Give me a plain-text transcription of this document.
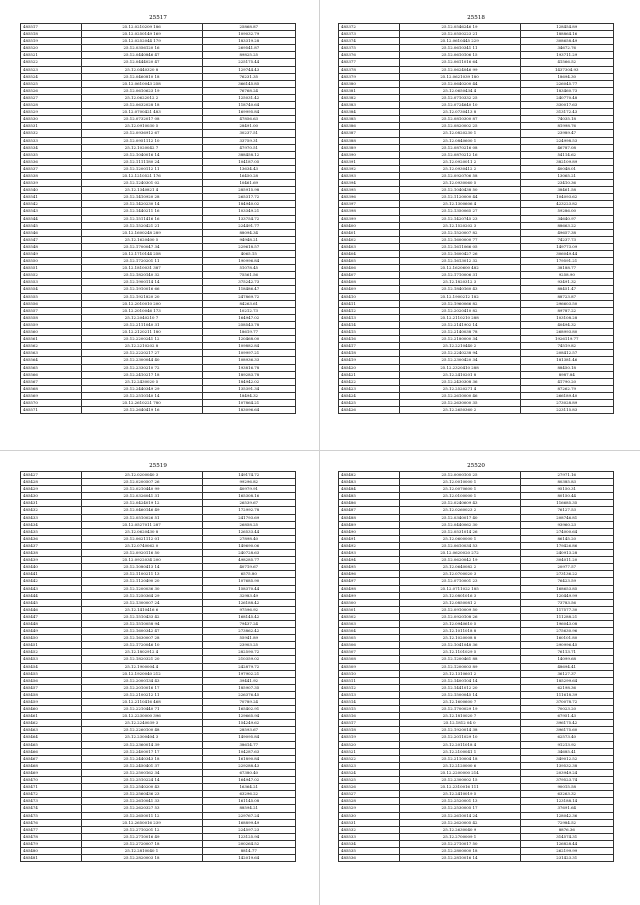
25517
485517	25.12.0210209 186	25868.87
485518	25.12.0250149 169	109032.79
485519	25.12.0252044 179	183319.28
485520	25.12.0356120 16	269541.87
485521	25.12.0440846 47	89825.25
485522	25.12.0444020 47	225175.44
485523	25.12.0440320 8	129744.43
485524	25.12.0460810 18	76231.35
485525	25.12.0610043 258	366145.85
485526	25.12.0610623 19	76768.24
485527	25.12.0622012 2	125031.42
485528	25.12.0632028 18	118740.64
485529	25.12.0700421 483	169995.84
485530	25.12.0732017 08	47856.63
485531	25.12.0910030 5	28491.00
485532	25.12.0936912 67	30237.51
485533	25.12.0951112 10	33759.31
485534	25.12.1020042 7	47970.51
485535	25.12.1040016 14	388458.12
485536	25.12.1111180 24	104187.05
485537	25.12.1200112 11	13634.43
485538	25.12.1210521 176	16450.28
485539	25.12.1240301 02	10461.69
485540	25.12.1340821 4	285915.98
485541	25.12.1410920 28	265317.72
485542	25.12.1420230 14	184940.02
485543	25.12.1440211 16	103349.21
485544	25.12.1511416 16	133754.72
485545	25.12.1520421 21	224491.77
485546	25.12.1600248 289	88094.34
485547	25.12.1620400 5	94948.21
485548	25.12.1700047 34	229618.57
485549	25.12.1710144 258	4065.15
485550	25.12.1720201 11	190996.84
485551	25.12.1810031 387	51078.45
485552	25.12.1820140 32	75561.56
485553	25.12.1900114 14	375242.73
485554	25.12.1910016 66	118486.47
485555	25.12.1921820 20	247869.72
485556	25.12.2010010 200	84263.61
485557	25.12.2010046 173	10212.73
485558	25.12.2040210 7	164947.02
485559	25.12.2111040 31	258543.78
485560	25.12.2120211 180	18619.77
485561	25.12.2200241 12	120468.00
485562	25.12.2210202 8	109882.84
485563	25.12.2220217 27	109997.21
485564	25.12.2300044 40	108936.33
485565	25.12.2330210 72	193816.78
485566	25.12.2410217 18	189283.78
485567	25.12.2430020 5	184942.02
485568	25.12.2440349 29	135391.34
485569	25.12.2510140 14	18494.32
485570	25.12.2610221 780	107864.21
485571	25.12.2640419 16	183096.64
25518
485372	25.12.0546246 19	128454.89
485373	25.12.0550223 21	188864.16
485374	25.12.0610445 229	308658.49
485375	25.12.0610341 11	34672.76
485376	25.12.0610106 15	193711.29
485377	25.12.0611016 64	41566.52
485378	25.12.0624046 99	1437304.93
485379	25.12.0621039 180	18694.30
485380	25.12.0640200 44	226045.77
485381	25.12.0650434 4	183460.73
485382	25.12.0710332 25	240770.48
485383	25.12.0724640 10	330017.63
485384	25.12.0730413 8	313172.43
485385	25.12.0810300 87	74035.18
485386	25.12.0820002 25	81998.76
485387	25.12.0820230 1	23989.47
485388	25.12.0840600 1	224998.53
485389	25.12.0870216 08	46787.08
485390	25.12.0870212 16	54114.62
485391	25.12.0920011 2	382109.89
485392	25.12.0930412 2	40048.01
485393	25.12.0920706 58	13065.21
485394	25.12.0930060 5	23410.36
485395	25.12.1040438 50	38461.58
485396	25.12.1120000 44	104093.62
485397	25.12.1300606 4	423223.82
485398	25.12.1350065 27	59286.00
485399	25.12.1420745 23	34640.97
485400	25.12.1520202 3	88663.22
485401	25.12.1520007 82	49657.38
485402	25.12.1600000 77	74237.73
485403	25.12.1611066 05	149773.09
485404	25.12.1600427 26	306049.44
485405	25.12.1613012 32	179591.21
485406	25.12.1620600 482	38188.77
485407	25.12.1710006 31	9258.90
485408	25.12.1820312 3	93491.32
485409	25.12.1840160 43	88451.47
485410	25.12.1900212 182	88723.87
485411	25.12.1960066 82	296603.50
485412	25.12.2020410 82	89787.22
485413	25.12.2110210 288	103108.28
485414	25.12.2141902 14	40494.32
485415	25.12.2140038 78	268993.80
485416	25.12.2180000 34	1926119.77
485417	25.12.2210440 2	74519.82
485418	25.12.2240238 94	208412.57
485419	25.12.2300420 34	181381.46
485420	25.12.2320410 288	88450.18
485421	25.12.2410201 8	8987.84
485422	25.12.2430308 36	41790.20
485423	25.12.2520271 4	87262.79
485424	25.12.2610000 46	266189.40
485425	25.12.2630000 35	273028.89
485426	25.12.2650360 2	223115.83
25519
485427	25.12.0200040 3	149174.72
485428	25.12.0200507 26	99296.82
485429	25.12.0210440 99	40979.91
485430	25.12.0326041 31	165308.16
485431	25.12.0424019 12	26539.67
485432	25.12.0460146 49	172992.78
485433	25.12.0510026 51	241793.69
485434	25.12.0527011 287	26858.25
485435	25.12.0620430 8	126533.44
485436	25.12.0621112 01	27898.40
485437	25.12.0740062 0	149690.06
485438	25.12.0920116 50	240728.63
485439	25.12.0922034 200	498285.77
485440	25.12.1080413 14	40719.67
485441	25.12.1100211 13	6575.80
485442	25.12.1120490 20	107685.90
485443	25.12.1200036 30	158370.44
485444	25.12.1250364 29	32983.49
485445	25.12.1300007 24	126188.42
485446	25.12.1410416 6	97596.92
485447	25.12.1510433 42	168145.42
485448	25.12.1510058 94	79437.24
485449	25.12.1600342 47	273862.42
485450	25.12.1630007 28	55941.89
485451	25.12.1720046 10	23903.25
485452	25.12.1802912 4	282590.72
485453	25.12.1820321 20	210359.02
485454	25.12.1900004 4	242879.72
485455	25.12.1920040 212	197902.21
485456	25.12.2000134 43	39441.92
485457	25.12.2010016 17	185907.35
485458	25.12.2100212 11	226376.45
485459	25.12.2110416 468	70789.24
485460	25.12.2210440 71	165402.91
485461	25.12.2230000 396	129665.94
485462	25.12.2240039 3	154249.62
485463	25.12.2260100 48	28593.67
485464	25.12.2300404 3	149095.84
485465	25.12.2360014 39	38614.77
485466	25.12.2400017 17	104287.63
485467	25.12.2440343 18	161890.84
485468	25.12.2450401 37	229288.43
485469	25.12.2500162 34	67380.40
485470	25.12.2510224 14	164947.02
485471	25.12.2540200 43	16364.21
485472	25.12.2560436 23	63296.22
485473	25.12.2610041 33	161145.08
485474	25.12.2620327 53	88594.21
485475	25.12.2650011 12	229767.24
485476	25.12.2650016 239	168899.49
485477	25.12.2710201 12	224597.23
485478	25.12.2710016 49	123125.94
485479	25.12.2720007 18	200264.52
485480	25.12.2810040 1	8814.77
485481	25.12.2820003 18	142019.64
25520
485482	25.12.0000105 25	27971.16
485483	25.12.0010000 1	80385.83
485484	25.12.0070600 1	95150.31
485485	25.12.0100000 1	80150.44
485486	25.12.0240609 43	116685.35
485487	25.12.0260023 2	76127.53
485488	25.12.0340017 40	208746.81
485489	25.12.0440062 30	93960.23
485490	25.12.0531014 26	274000.64
485491	25.12.0600000 1	86145.20
485492	25.12.0610034 53	179426.86
485493	25.12.0620020 272	240913.28
485494	25.12.0620042 19	304011.20
485495	25.12.0640082 2	20977.57
485496	25.12.0700020 3	273136.22
485497	25.12.0710001 23	76423.59
485498	25.12.0711022 185	168653.85
485499	25.12.0801016 3	120449.99
485500	25.12.0850081 2	73783.56
485501	25.12.0910009 50	117577.30
485502	25.12.0920108 26	111288.21
485503	25.12.0940610 5	196043.08
485504	25.12.1011018 8	275630.96
485505	25.12.1020008 8	160101.80
485506	25.12.1041048 36	290996.45
485507	25.12.1101029 5	76113.71
485508	25.12.1200461 88	14099.68
485509	25.12.1200003 89	48694.41
485510	25.12.1310601 2	36127.37
485511	25.12.1400104 14	185299.64
485512	25.12.1441012 20	62198.36
485513	25.12.1500045 14	111618.39
485514	25.12.1600600 7	370078.72
485515	25.12.1700029 19	70023.20
485516	25.12.1810020 7	67951.43
485517	25.12.1812 04 0	396175.42
485518	25.12.1920014 38	396175.60
485519	25.12.2011029 10	62573.40
485520	25.12.2011018 4	91213.92
485521	25.12.2100041 1	34685.41
485522	25.12.2110004 18	349012.52
485523	25.12.2120000 6	139532.38
485524	25.12.2200000 214	203949.24
485525	25.12.2300002 15	379523.74
485526	25.12.2310016 111	90015.58
485527	25.12.2410019 5	63263.32
485528	25.12.2520001 13	123188.14
485529	25.12.2530005 17	37691.64
485530	25.12.2610014 24	128042.36
485531	25.12.2620005 42	72984.52
485532	25.12.2630040 9	8876.36
485533	25.12.2700009 1	314574.31
485534	25.12.2710017 50	126828.44
485535	25.12.2800000 18	262199.99
485536	25.12.2810016 14	231423.31
